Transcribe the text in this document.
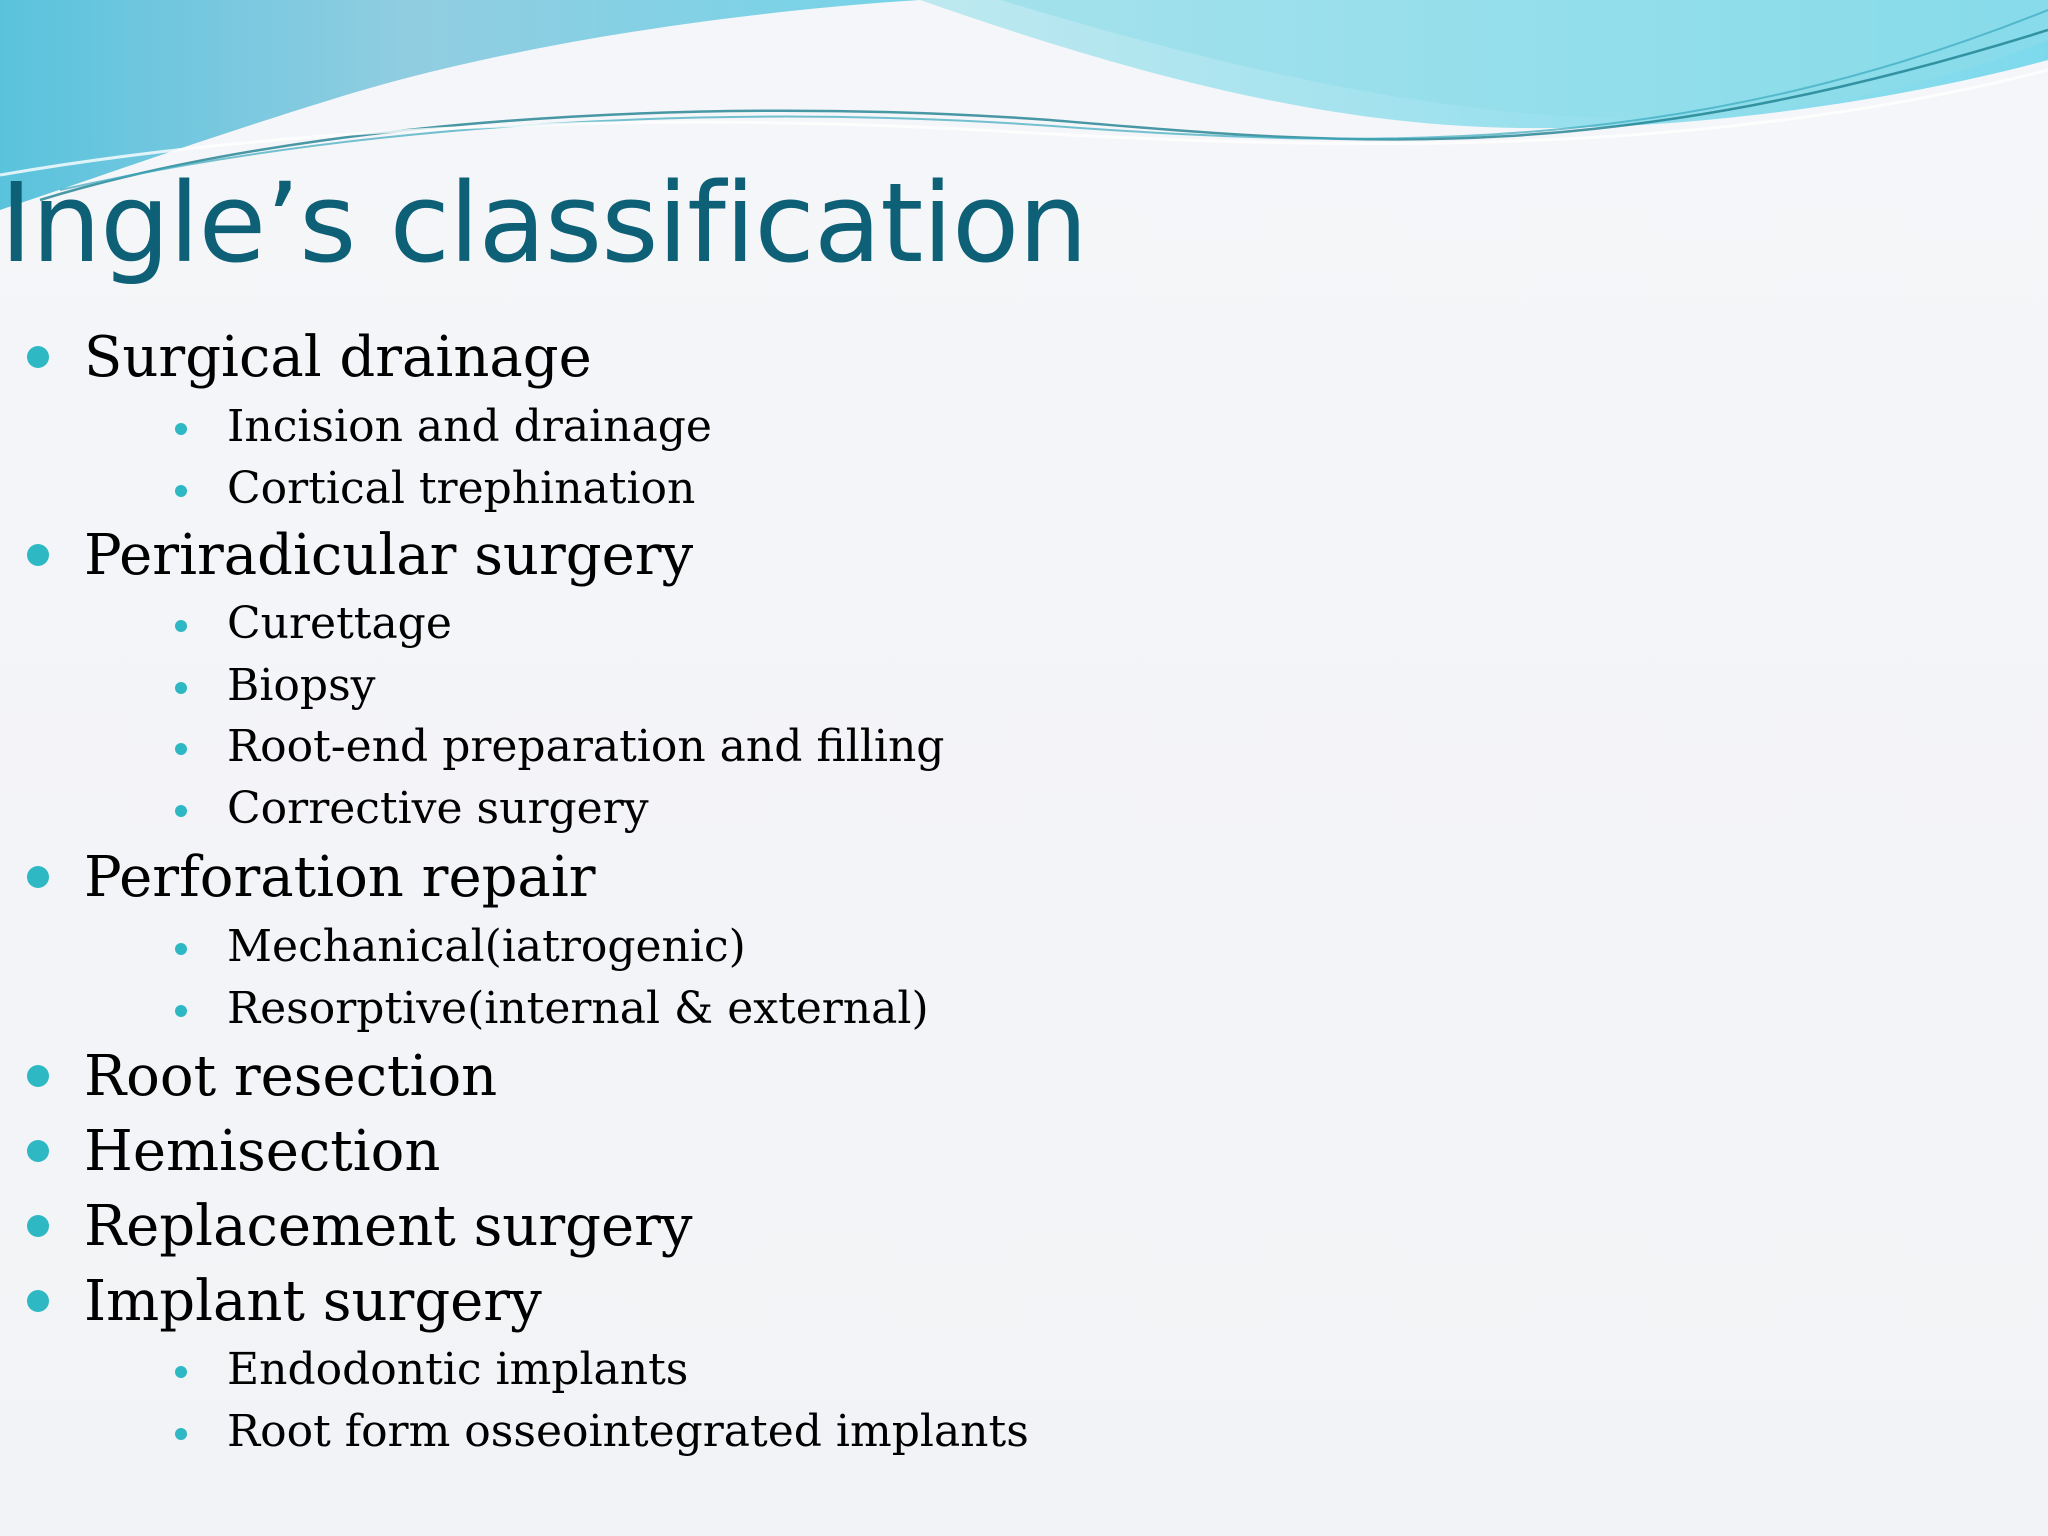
Ingle’s classification
Surgical drainage
Incision and drainage
Cortical trephination
Periradicular surgery
Curettage
Biopsy
Root-end preparation and filling
Corrective surgery
Perforation repair
Mechanical(iatrogenic)
Resorptive(internal & external)
Root resection
Hemisection
Replacement surgery
Implant surgery
Endodontic implants
Root form osseointegrated implants
